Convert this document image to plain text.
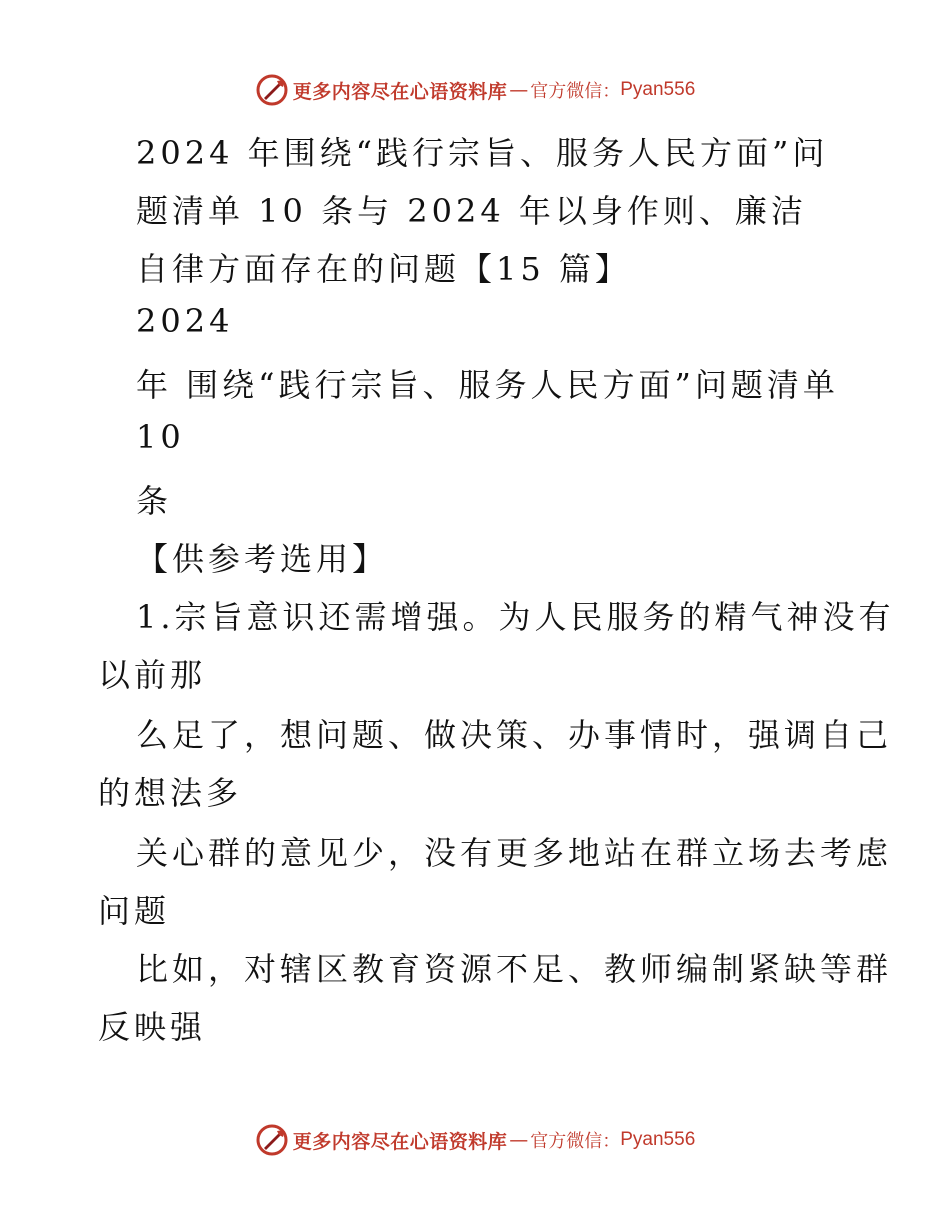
更多内容尽在心语资料库 — 官方微信： Pyan556
2024 年围绕“践行宗旨、服务人民方面”问
题清单 10 条与 2024 年以身作则、廉洁
自律方面存在的问题【15 篇】
2024
年 围绕“践行宗旨、服务人民方面”问题清单
10
条
【供参考选用】
1.宗旨意识还需增强。为人民服务的精气神没有
以前那
么足了，想问题、做决策、办事情时，强调自己
的想法多
关心群的意见少，没有更多地站在群立场去考虑
问题
比如，对辖区教育资源不足、教师编制紧缺等群
反映强
更多内容尽在心语资料库 — 官方微信： Pyan556
